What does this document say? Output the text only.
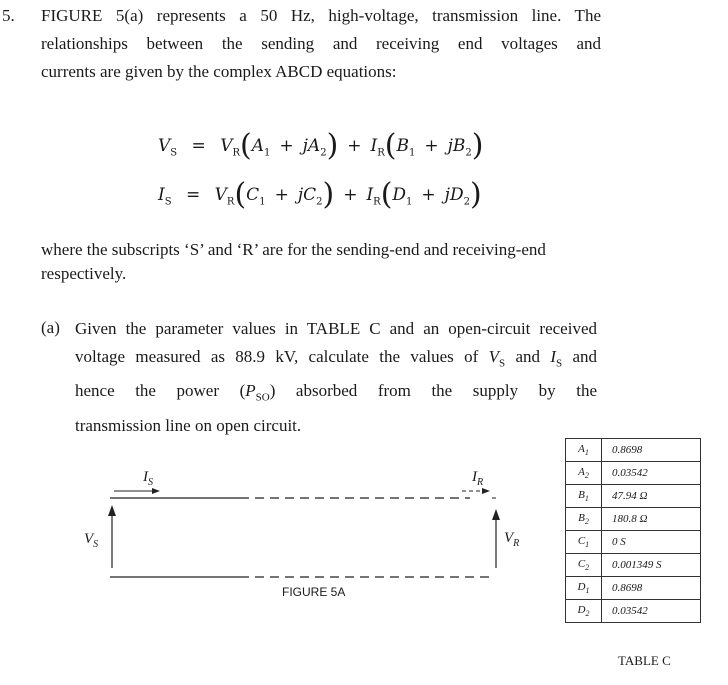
5. FIGURE 5(a) represents a 50 Hz, high-voltage, transmission line. The
relationships between the sending and receiving end voltages and
currents are given by the complex ABCD equations:
$V_S = V_R(A_1 + jA_2) + I_R(B_1 + jB_2)$
$I_S = V_R(C_1 + jC_2) + I_R(D_1 + jD_2)$
where the subscripts ‘S’ and ‘R’ are for the sending-end and receiving-end respectively.
(a) Given the parameter values in TABLE C and an open-circuit received
voltage measured as 88.9 kV, calculate the values of $V_S$ and $I_S$ and
hence the power $(P_{SO})$ absorbed from the supply by the
transmission line on open circuit.
$I_S$	$I_R$
$V_S$	$V_R$
FIGURE 5A
$A_1$	0.8698
$A_2$	0.03542
$B_1$	47.94 Ω
$B_2$	180.8 Ω
$C_1$	0 S
$C_2$	0.001349 S
$D_1$	0.8698
$D_2$	0.03542
TABLE C
